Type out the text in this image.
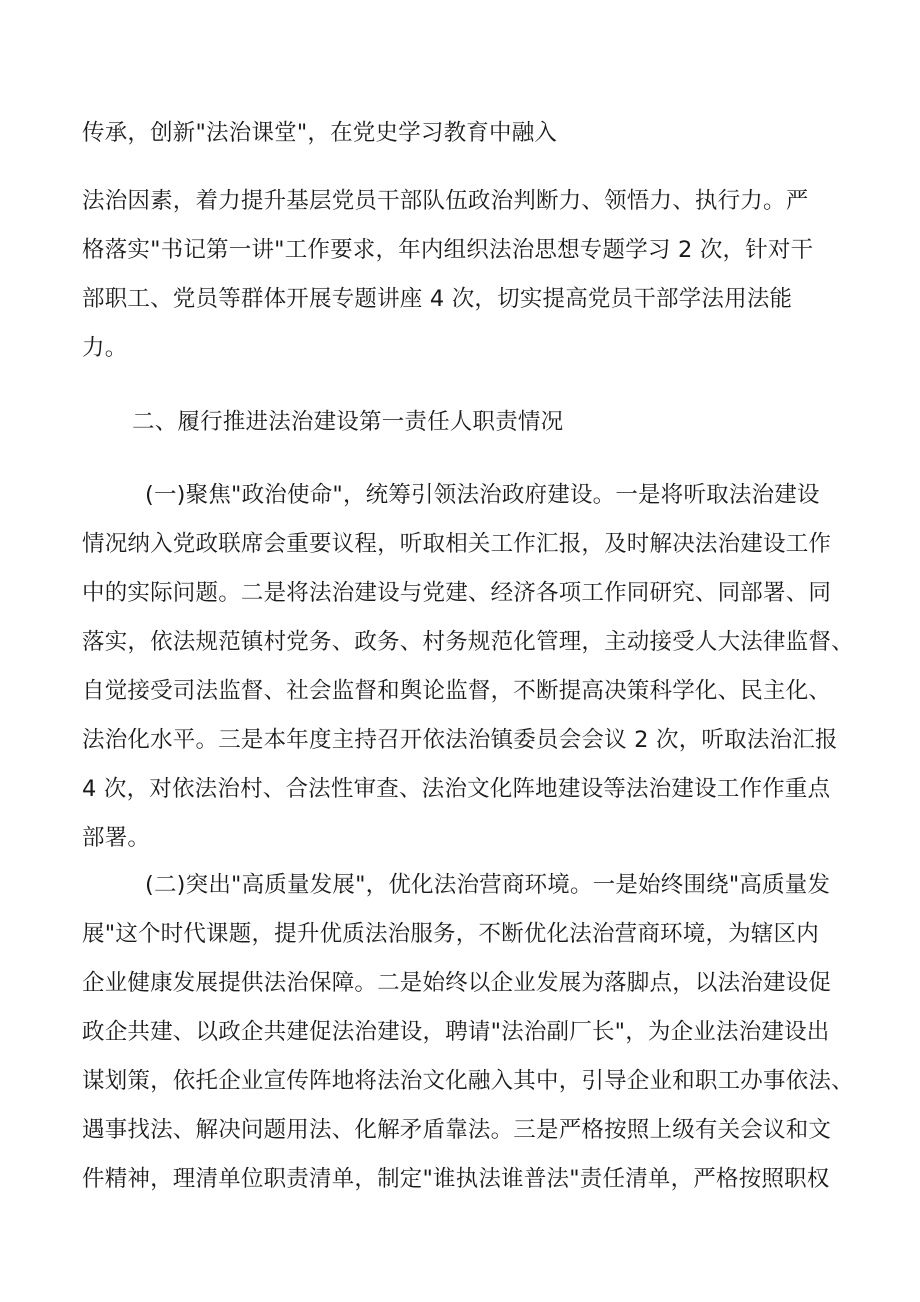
传承，创新"法治课堂"，在党史学习教育中融入
法治因素，着力提升基层党员干部队伍政治判断力、领悟力、执行力。严
格落实"书记第一讲"工作要求，年内组织法治思想专题学习 2 次，针对干
部职工、党员等群体开展专题讲座 4 次，切实提高党员干部学法用法能
力。
二、履行推进法治建设第一责任人职责情况
(一)聚焦"政治使命"，统筹引领法治政府建设。一是将听取法治建设
情况纳入党政联席会重要议程，听取相关工作汇报，及时解决法治建设工作
中的实际问题。二是将法治建设与党建、经济各项工作同研究、同部署、同
落实，依法规范镇村党务、政务、村务规范化管理，主动接受人大法律监督、
自觉接受司法监督、社会监督和舆论监督，不断提高决策科学化、民主化、
法治化水平。三是本年度主持召开依法治镇委员会会议 2 次，听取法治汇报
4 次，对依法治村、合法性审查、法治文化阵地建设等法治建设工作作重点
部署。
(二)突出"高质量发展"，优化法治营商环境。一是始终围绕"高质量发
展"这个时代课题，提升优质法治服务，不断优化法治营商环境，为辖区内
企业健康发展提供法治保障。二是始终以企业发展为落脚点，以法治建设促
政企共建、以政企共建促法治建设，聘请"法治副厂长"，为企业法治建设出
谋划策，依托企业宣传阵地将法治文化融入其中，引导企业和职工办事依法、
遇事找法、解决问题用法、化解矛盾靠法。三是严格按照上级有关会议和文
件精神，理清单位职责清单，制定"谁执法谁普法"责任清单，严格按照职权
